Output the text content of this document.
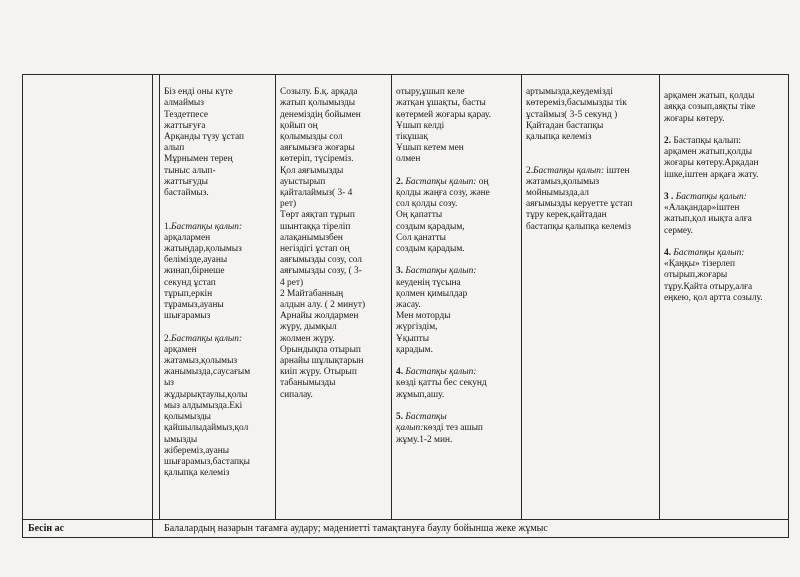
Біз енді оны күте
алмаймыз
Тездетпесе
жаттығуға
Арқанды түзу ұстап
алып
Мұрнымен терең
тыныс алып-
жаттығуды
бастаймыз.

1.Бастапқы қалып:
арқалармен
жатыңдар,қолымыз
белімізде,ауаны
жинап,бірнеше
секунд ұстап
тұрып,еркін
тұрамыз,ауаны
шығарамыз

2.Бастапқы қалып:
арқамен
жатамыз,қолымыз
жанымызда,саусағым
ыз
жұдырықтаулы,қолы
мыз алдымызда.Екі
қолымызды
қайшылыдаймыз,қол
ымызды
жібереміз,ауаны
шығарамыз,бастапқы
қалыпқа келеміз

Созылу. Б.қ. арқада
жатып қолымызды
денеміздің бойымен
қойып оң
қолымызды сол
аяғымызға жоғары
көтеріп, түсіреміз.
Қол аяғымызды
ауыстырып
қайталаймыз( 3- 4
рет)
Төрт аяқтап тұрып
шынтаққа тіреліп
алақанымызбен
негіздігі ұстап оң
аяғымызды созу, сол
аяғымызды созу, ( 3-
4 рет)
2 Майтабанның
алдын алу. ( 2 минут)
Арнайы жолдармен
жүру, дымқыл
жолмен жүру.
Орындықпа отырып
арнайы шұлықтарын
киіп жүру. Отырып
табанымызды
сипалау.

отыру,ұшып келе
жатқан ұшақты, басты
көтермей жоғары қарау.
Ұшып келді
тікұшақ
Ұшып кетем мен
олмен

2. Бастапқы қалып: оң
қолды жаңға созу, және
сол қолды созу.
Оң қапатты
создым қарадым,
Сол қанатты
создым қарадым.

3. Бастапқы қалып:
кеуденің түсына
қолмен қимылдар
жасау.
Мен моторды
жүргіздім,
Ұқыпты
қарадым.

4. Бастапқы қалып:
көзді қатты бес секунд
жұмып,ашу.

5. Бастапқы
қалып:көзді тез ашып
жұму.1-2 мин.

артымызда,кеудемізді
көтереміз,басымызды тік
ұстаймыз( 3-5 секунд )
Қайтадан бастапқы
қалыпқа келеміз

2.Бастапқы қалып: іштен
жатамыз,қолымыз
мойнымызда,ал
аяғымызды керуетте ұстап
тұру керек,қайтадан
бастапқы қалыпқа келеміз

арқамен жатып, қолды
аяққа созып,аяқты тіке
жоғары көтеру.

2. Бастапқы қалып:
арқамен жатып,қолды
жоғары көтеру.Арқадан
ішке,іштен арқаға жату.

3 . Бастапқы қалып:
«Алақандар»іштен
жатып,қол иықта алға
сермеу.

4. Бастапқы қалып:
«Қаңқы» тізерлеп
отырып,жоғары
тұру.Қайта отыру,алға
еңкею, қол артта созылу.

Бесін ас	Балалардың назарын тағамға аудару; мәдениетті тамақтануға баулу бойынша жеке жұмыс
